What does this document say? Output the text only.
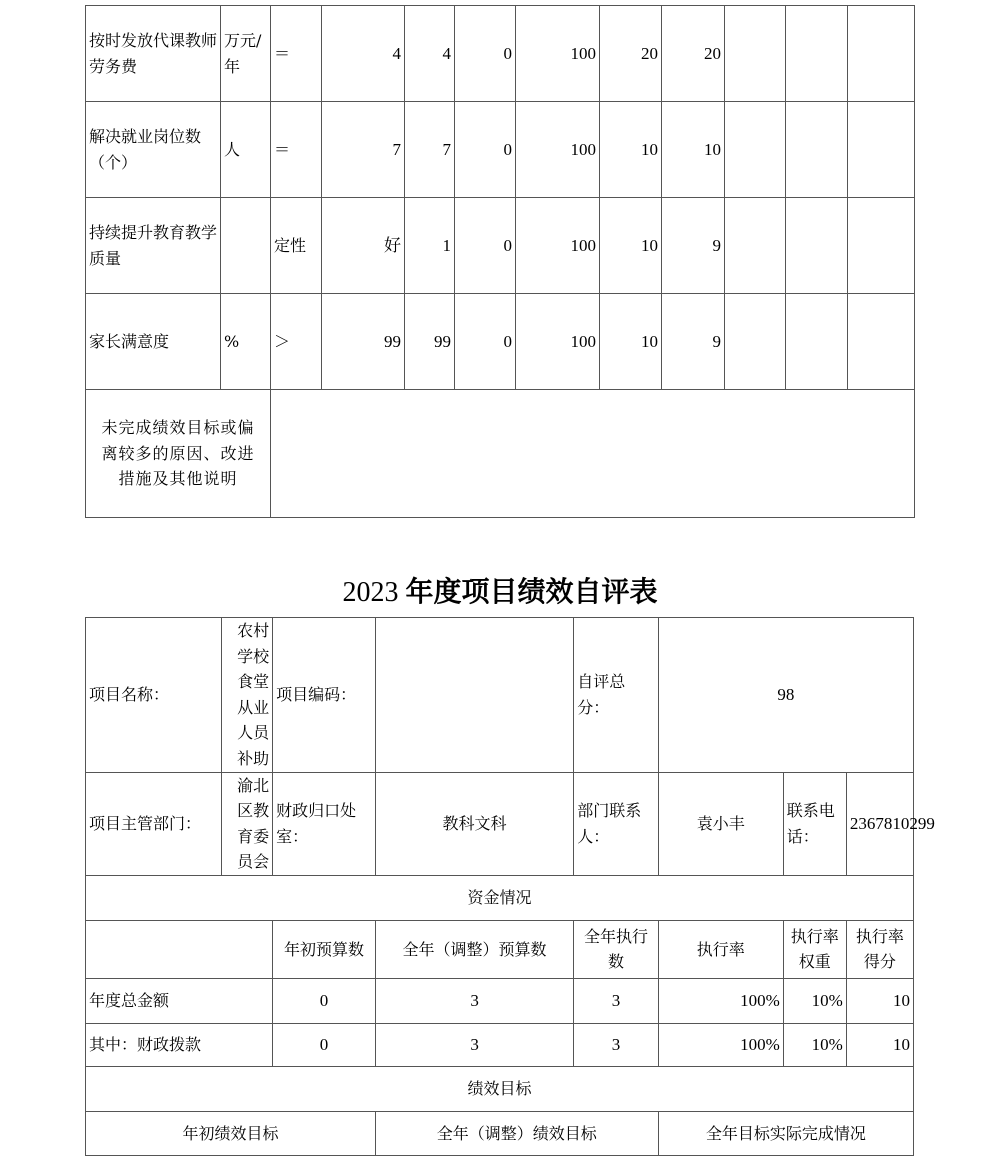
按时发放代课教师劳务费	万元/年	＝	4	4	0	100	20	20			
解决就业岗位数（个）	人	＝	7	7	0	100	10	10			
持续提升教育教学质量		定性	好	1	0	100	10	9			
家长满意度	%	＞	99	99	0	100	10	9			
未完成绩效目标或偏离较多的原因、改进措施及其他说明											
2023 年度项目绩效自评表
项目名称：	农村学校食堂从业人员补助	项目编码：		自评总分：	98		
项目主管部门：	渝北区教育委员会	财政归口处室：	教科文科	部门联系人：	袁小丰	联系电话：	2367810299
资金情况							
		年初预算数	全年（调整）预算数	全年执行数	执行率	执行率权重	执行率得分
年度总金额		0	3	3	100%	10%	10
其中：财政拨款		0	3	3	100%	10%	10
绩效目标							
年初绩效目标			全年（调整）绩效目标		全年目标实际完成情况		
